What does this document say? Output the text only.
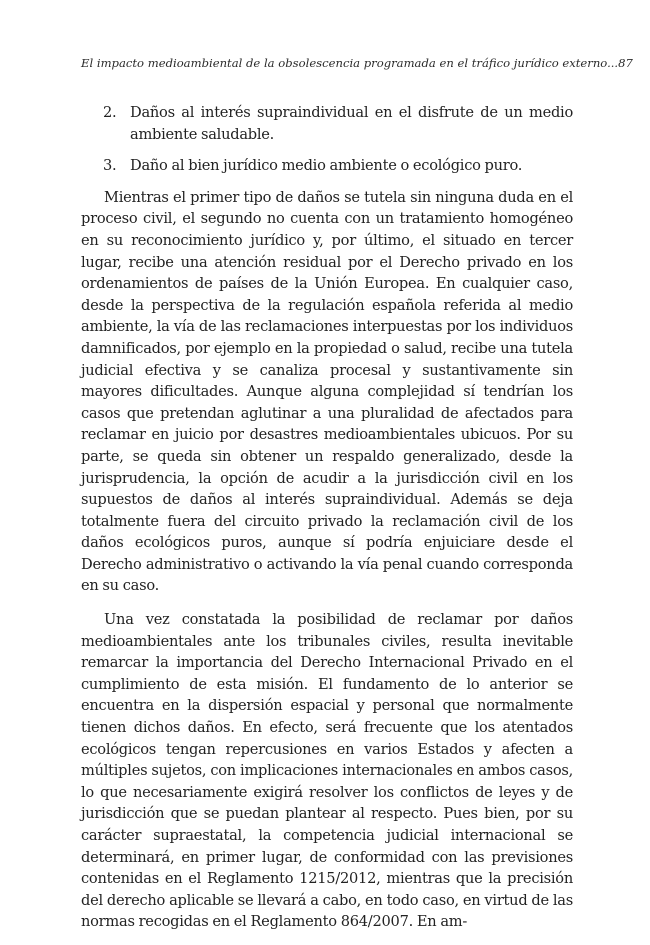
El impacto medioambiental de la obsolescencia programada en el tráfico jurídico externo...87
2. Daños al interés supraindividual en el disfrute de un medio ambiente saludable.
3. Daño al bien jurídico medio ambiente o ecológico puro.

Mientras el primer tipo de daños se tutela sin ninguna duda en el proceso civil, el segundo no cuenta con un tratamiento homogéneo en su reconocimiento jurídico y, por último, el situado en tercer lugar, recibe una atención residual por el Derecho privado en los ordenamientos de países de la Unión Europea. En cualquier caso, desde la perspectiva de la regulación española referida al medio ambiente, la vía de las reclamaciones interpuestas por los individuos damnificados, por ejemplo en la propiedad o salud, recibe una tutela judicial efectiva y se canaliza procesal y sustantivamente sin mayores dificultades. Aunque alguna complejidad sí tendrían los casos que pretendan aglutinar a una pluralidad de afectados para reclamar en juicio por desastres medioambientales ubicuos. Por su parte, se queda sin obtener un respaldo generalizado, desde la jurisprudencia, la opción de acudir a la jurisdicción civil en los supuestos de daños al interés supraindividual. Además se deja totalmente fuera del circuito privado la reclamación civil de los daños ecológicos puros, aunque sí podría enjuiciare desde el Derecho administrativo o activando la vía penal cuando corresponda en su caso.

Una vez constatada la posibilidad de reclamar por daños medioambientales ante los tribunales civiles, resulta inevitable remarcar la importancia del Derecho Internacional Privado en el cumplimiento de esta misión. El fundamento de lo anterior se encuentra en la dispersión espacial y personal que normalmente tienen dichos daños. En efecto, será frecuente que los atentados ecológicos tengan repercusiones en varios Estados y afecten a múltiples sujetos, con implicaciones internacionales en ambos casos, lo que necesariamente exigirá resolver los conflictos de leyes y de jurisdicción que se puedan plantear al respecto. Pues bien, por su carácter supraestatal, la competencia judicial internacional se determinará, en primer lugar, de conformidad con las previsiones contenidas en el Reglamento 1215/2012, mientras que la precisión del derecho aplicable se llevará a cabo, en todo caso, en virtud de las normas recogidas en el Reglamento 864/2007. En am-
